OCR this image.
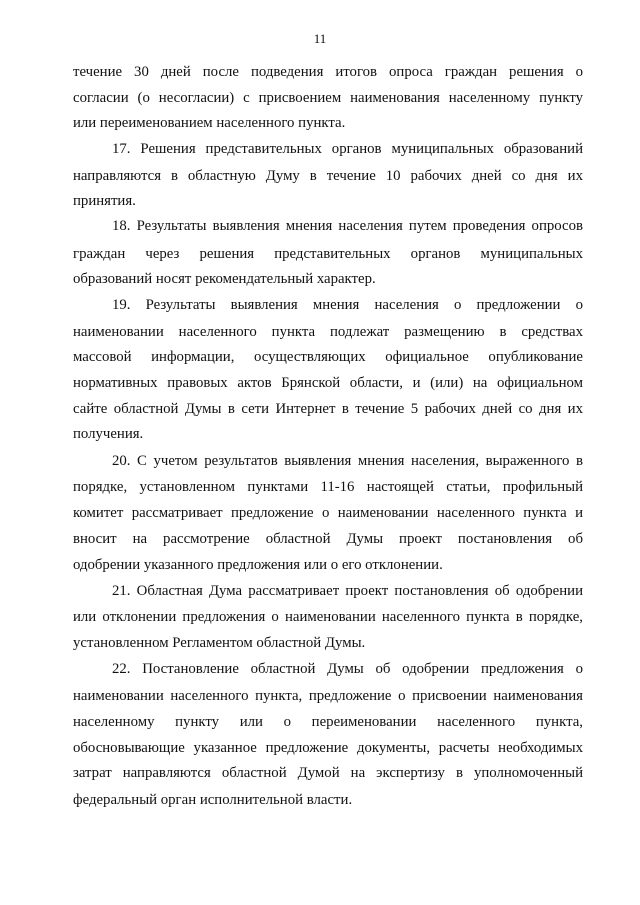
11
течение 30 дней после подведения итогов опроса граждан решения о
согласии (о несогласии) с присвоением наименования населенному пункту
или переименованием населенного пункта.
17. Решения представительных органов муниципальных образований
направляются в областную Думу в течение 10 рабочих дней со дня их
принятия.
18. Результаты выявления мнения населения путем проведения опросов
граждан через решения представительных органов муниципальных
образований носят рекомендательный характер.
19. Результаты выявления мнения населения о предложении о
наименовании населенного пункта подлежат размещению в средствах
массовой информации, осуществляющих официальное опубликование
нормативных правовых актов Брянской области, и (или) на официальном
сайте областной Думы в сети Интернет в течение 5 рабочих дней со дня их
получения.
20. С учетом результатов выявления мнения населения, выраженного в
порядке, установленном пунктами 11-16 настоящей статьи, профильный
комитет рассматривает предложение о наименовании населенного пункта и
вносит на рассмотрение областной Думы проект постановления об
одобрении указанного предложения или о его отклонении.
21. Областная Дума рассматривает проект постановления об одобрении
или отклонении предложения о наименовании населенного пункта в порядке,
установленном Регламентом областной Думы.
22. Постановление областной Думы об одобрении предложения о
наименовании населенного пункта, предложение о присвоении наименования
населенному пункту или о переименовании населенного пункта,
обосновывающие указанное предложение документы, расчеты необходимых
затрат направляются областной Думой на экспертизу в уполномоченный
федеральный орган исполнительной власти.
